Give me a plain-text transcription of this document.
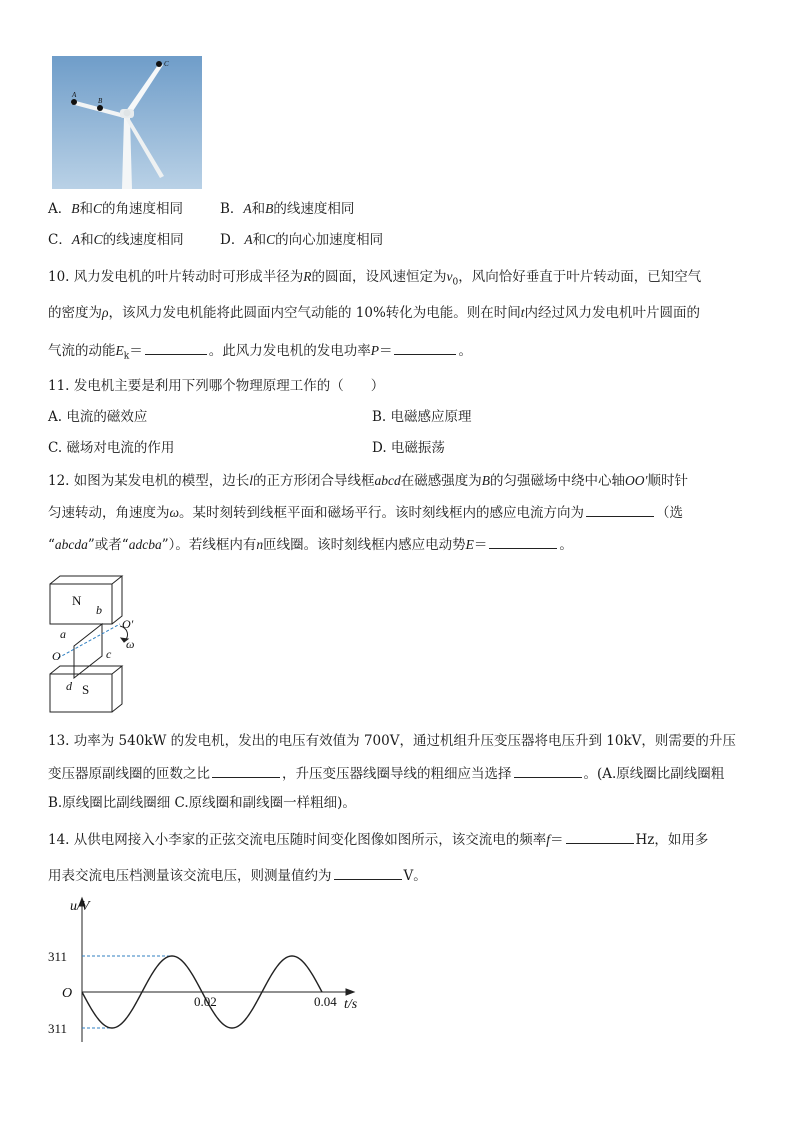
A
B
C
A．B和C的角速度相同	B．A和B的线速度相同
C．A和C的线速度相同	D．A和C的向心加速度相同
10. 风力发电机的叶片转动时可形成半径为R的圆面，设风速恒定为$v_0$，风向恰好垂直于叶片转动面，已知空气
的密度为ρ，该风力发电机能将此圆面内空气动能的 10%转化为电能。则在时间t内经过风力发电机叶片圆面的
气流的动能$E_k=$	。此风力发电机的发电功率P＝	。
11. 发电机主要是利用下列哪个物理原理工作的（　　）
A. 电流的磁效应	B. 电磁感应原理
C. 磁场对电流的作用	D. 电磁振荡
12. 如图为某发电机的模型，边长l的正方形闭合导线框abcd在磁感强度为B的匀强磁场中绕中心轴OO′顺时针
匀速转动，角速度为ω。某时刻转到线框平面和磁场平行。该时刻线框内的感应电流方向为	（选
“abcda”或者“adcba”）。若线框内有n匝线圈。该时刻线框内感应电动势E＝	。
N
b
a
O′
ω
O	c
d S
13. 功率为 540kW 的发电机，发出的电压有效值为 700V，通过机组升压变压器将电压升到 10kV，则需要的升压
变压器原副线圈的匝数之比	，升压变压器线圈导线的粗细应当选择	。(A.原线圈比副线圈粗
B.原线圈比副线圈细 C.原线圈和副线圈一样粗细)。
14. 从供电网接入小李家的正弦交流电压随时间变化图像如图所示，该交流电的频率f＝	Hz，如用多
用表交流电压档测量该交流电压，则测量值约为	V。
0.02	0.04
311
311
u/V
t/s
O
